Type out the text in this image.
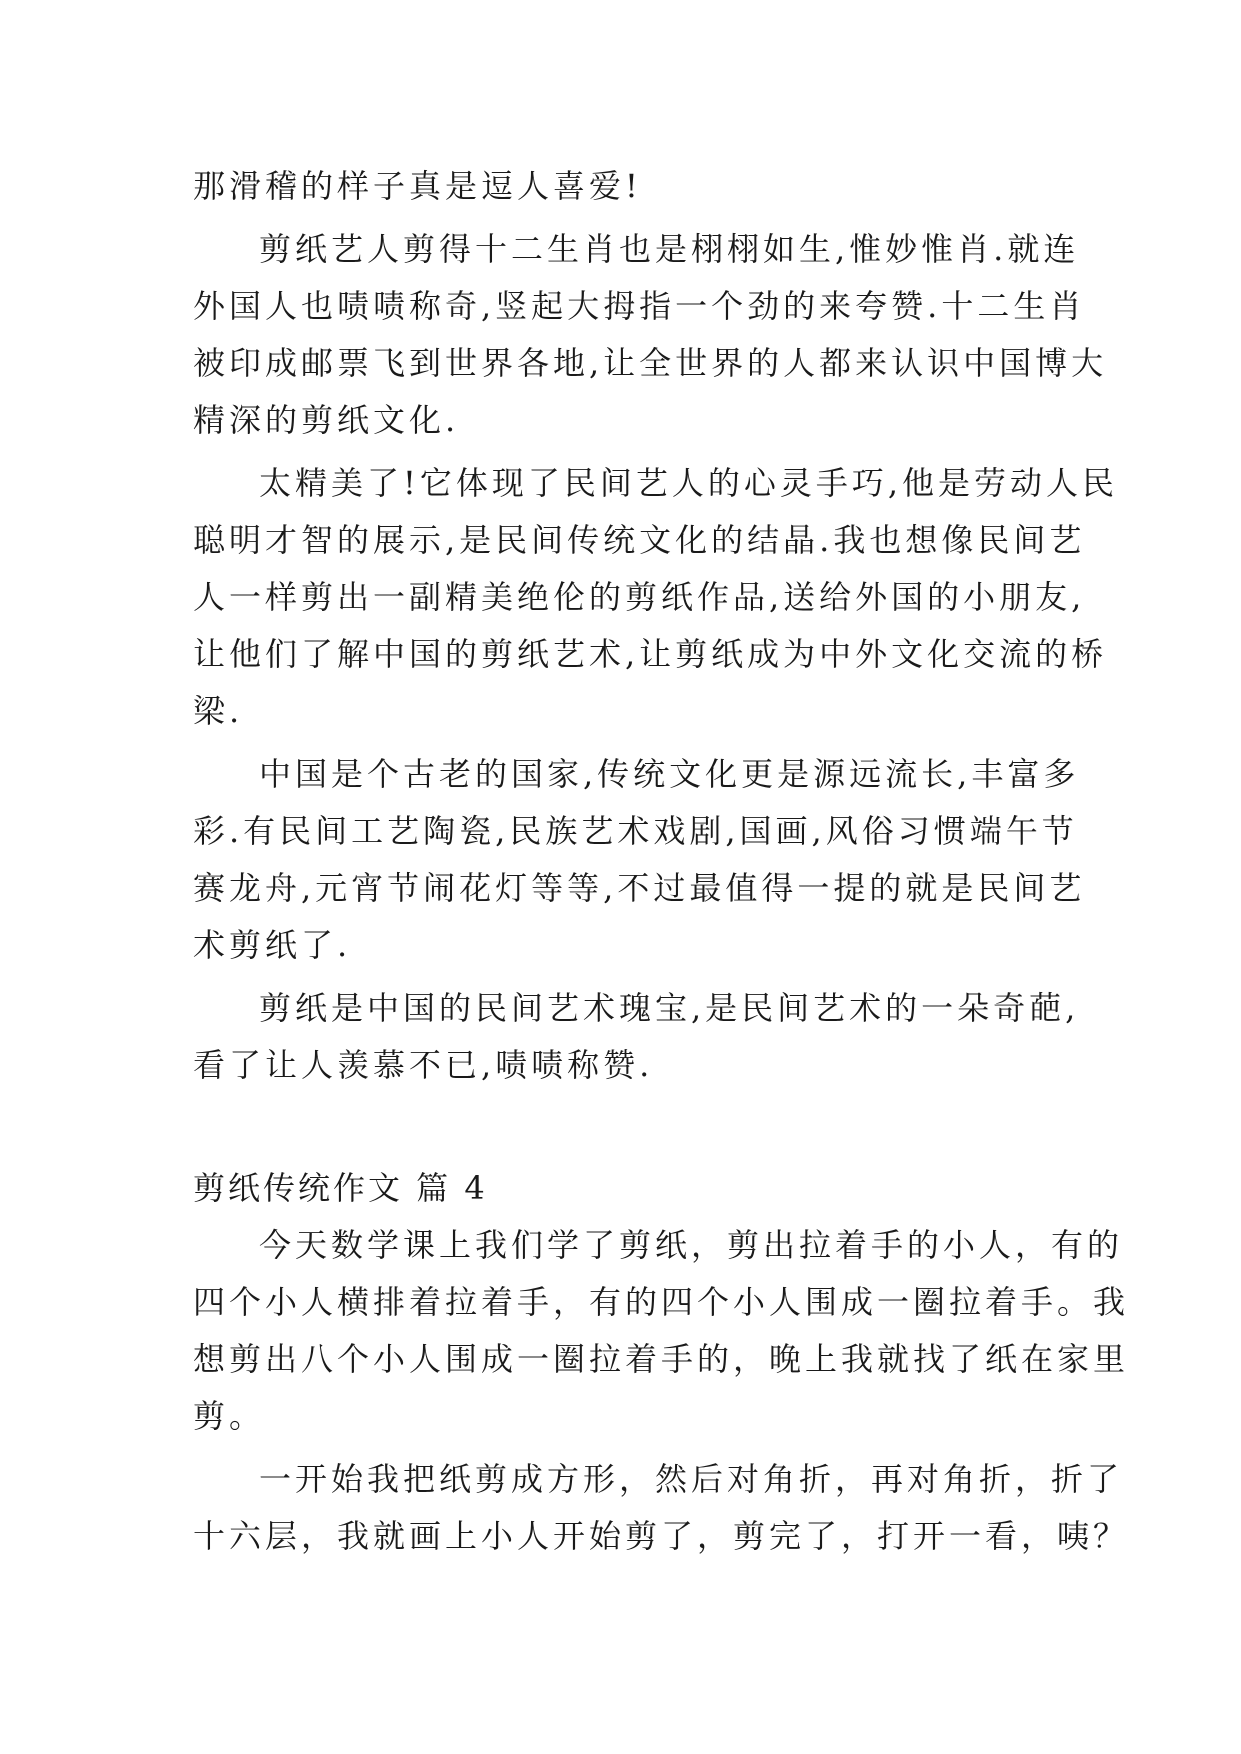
那滑稽的样子真是逗人喜爱!
剪纸艺人剪得十二生肖也是栩栩如生,惟妙惟肖.就连
外国人也啧啧称奇,竖起大拇指一个劲的来夸赞.十二生肖
被印成邮票飞到世界各地,让全世界的人都来认识中国博大
精深的剪纸文化.
太精美了!它体现了民间艺人的心灵手巧,他是劳动人民
聪明才智的展示,是民间传统文化的结晶.我也想像民间艺
人一样剪出一副精美绝伦的剪纸作品,送给外国的小朋友,
让他们了解中国的剪纸艺术,让剪纸成为中外文化交流的桥
梁.
中国是个古老的国家,传统文化更是源远流长,丰富多
彩.有民间工艺陶瓷,民族艺术戏剧,国画,风俗习惯端午节
赛龙舟,元宵节闹花灯等等,不过最值得一提的就是民间艺
术剪纸了.
剪纸是中国的民间艺术瑰宝,是民间艺术的一朵奇葩,
看了让人羡慕不已,啧啧称赞.
剪纸传统作文 篇 4
今天数学课上我们学了剪纸，剪出拉着手的小人，有的
四个小人横排着拉着手，有的四个小人围成一圈拉着手。我
想剪出八个小人围成一圈拉着手的，晚上我就找了纸在家里
剪。
一开始我把纸剪成方形，然后对角折，再对角折，折了
十六层，我就画上小人开始剪了，剪完了，打开一看，咦？
